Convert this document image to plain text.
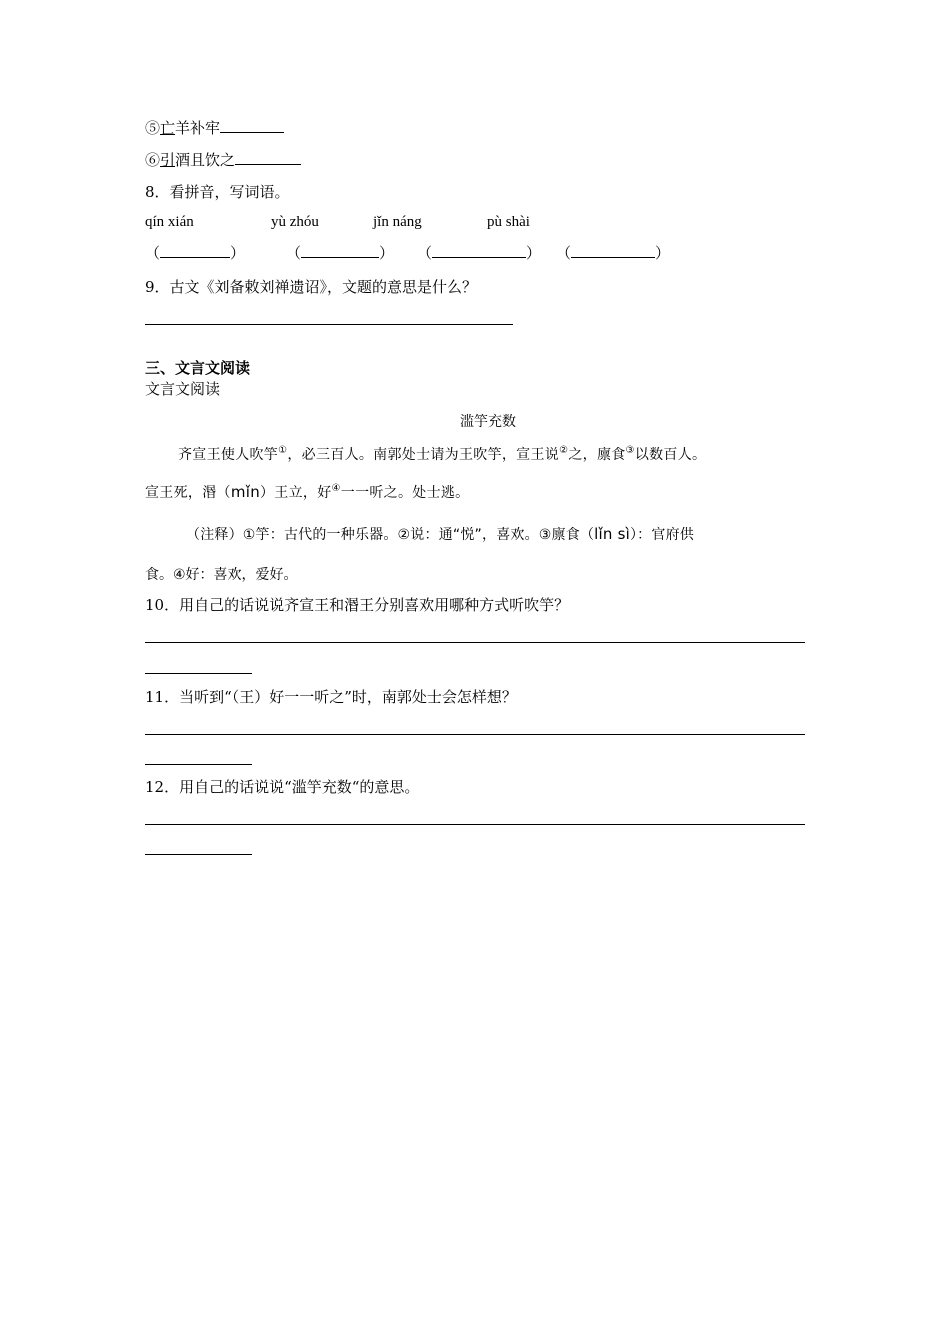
⑤亡羊补牢
⑥引酒且饮之
8．看拼音，写词语。
qín xián	yù zhóu	jǐn náng	pù shài
（	）	（	） （	） （	）
9．古文《刘备敕刘禅遗诏》，文题的意思是什么？
三、文言文阅读
文言文阅读
滥竽充数
齐宣王使人吹竽①，必三百人。南郭处士请为王吹竽，宣王说②之，廪食③以数百人。
宣王死，湣（mǐn）王立，好④一一听之。处士逃。
（注释）①竽：古代的一种乐器。②说：通“悦”，喜欢。③廪食（lǐn sì）：官府供
食。④好：喜欢，爱好。
10．用自己的话说说齐宣王和湣王分别喜欢用哪种方式听吹竽？
11．当听到“（王）好一一听之”时，南郭处士会怎样想？
12．用自己的话说说“滥竽充数“的意思。
